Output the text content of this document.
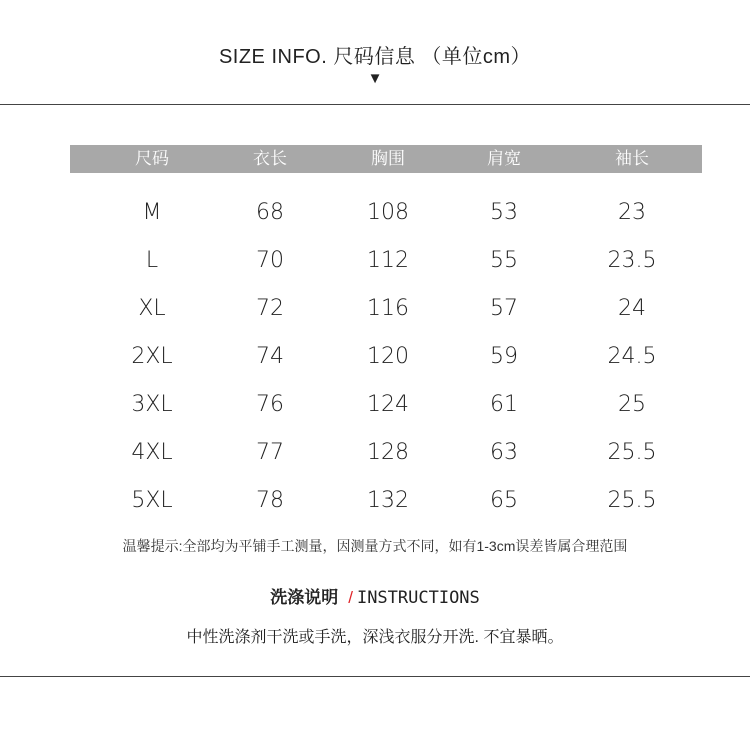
SIZE INFO. 尺码信息 （单位cm）
▼
尺码	衣长	胸围	肩宽	袖长
M	68	108	53	23
L	70	112	55	23.5
XL	72	116	57	24
2XL	74	120	59	24.5
3XL	76	124	61	25
4XL	77	128	63	25.5
5XL	78	132	65	25.5
温馨提示:全部均为平铺手工测量，因测量方式不同，如有1-3cm误差皆属合理范围
洗涤说明 / INSTRUCTIONS
中性洗涤剂干洗或手洗，深浅衣服分开洗. 不宜暴晒。
